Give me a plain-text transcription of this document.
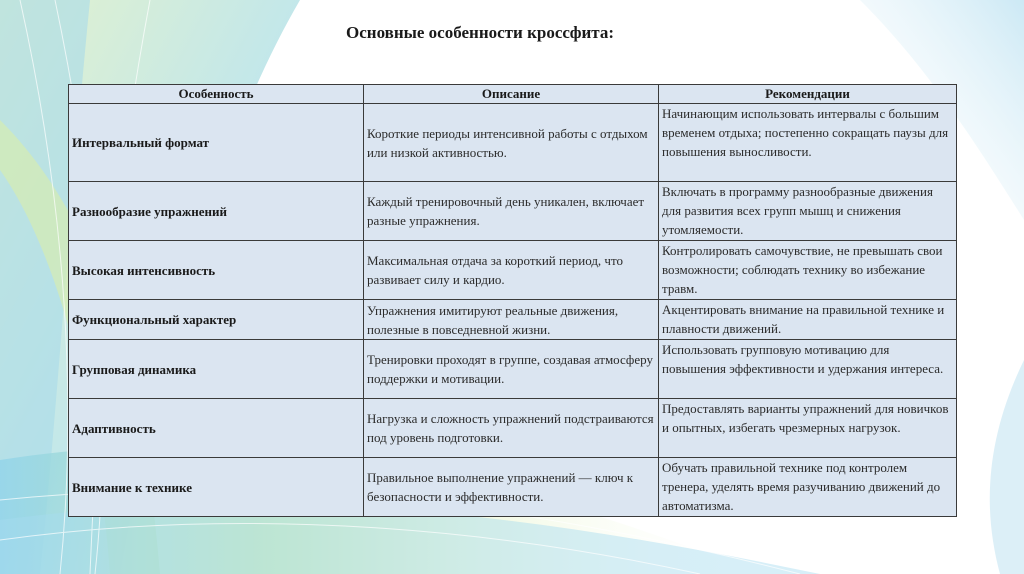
Основные особенности кроссфита:
Особенность	Описание	Рекомендации
Интервальный формат	Короткие периоды интенсивной работы с отдыхом или низкой активностью.	Начинающим использовать интервалы с большим временем отдыха; постепенно сокращать паузы для повышения выносливости.
Разнообразие упражнений	Каждый тренировочный день уникален, включает разные упражнения.	Включать в программу разнообразные движения для развития всех групп мышц и снижения утомляемости.
Высокая интенсивность	Максимальная отдача за короткий период, что развивает силу и кардио.	Контролировать самочувствие, не превышать свои возможности; соблюдать технику во избежание травм.
Функциональный характер	Упражнения имитируют реальные движения, полезные в повседневной жизни.	Акцентировать внимание на правильной технике и плавности движений.
Групповая динамика	Тренировки проходят в группе, создавая атмосферу поддержки и мотивации.	Использовать групповую мотивацию для повышения эффективности и удержания интереса.
Адаптивность	Нагрузка и сложность упражнений подстраиваются под уровень подготовки.	Предоставлять варианты упражнений для новичков и опытных, избегать чрезмерных нагрузок.
Внимание к технике	Правильное выполнение упражнений — ключ к безопасности и эффективности.	Обучать правильной технике под контролем тренера, уделять время разучиванию движений до автоматизма.
